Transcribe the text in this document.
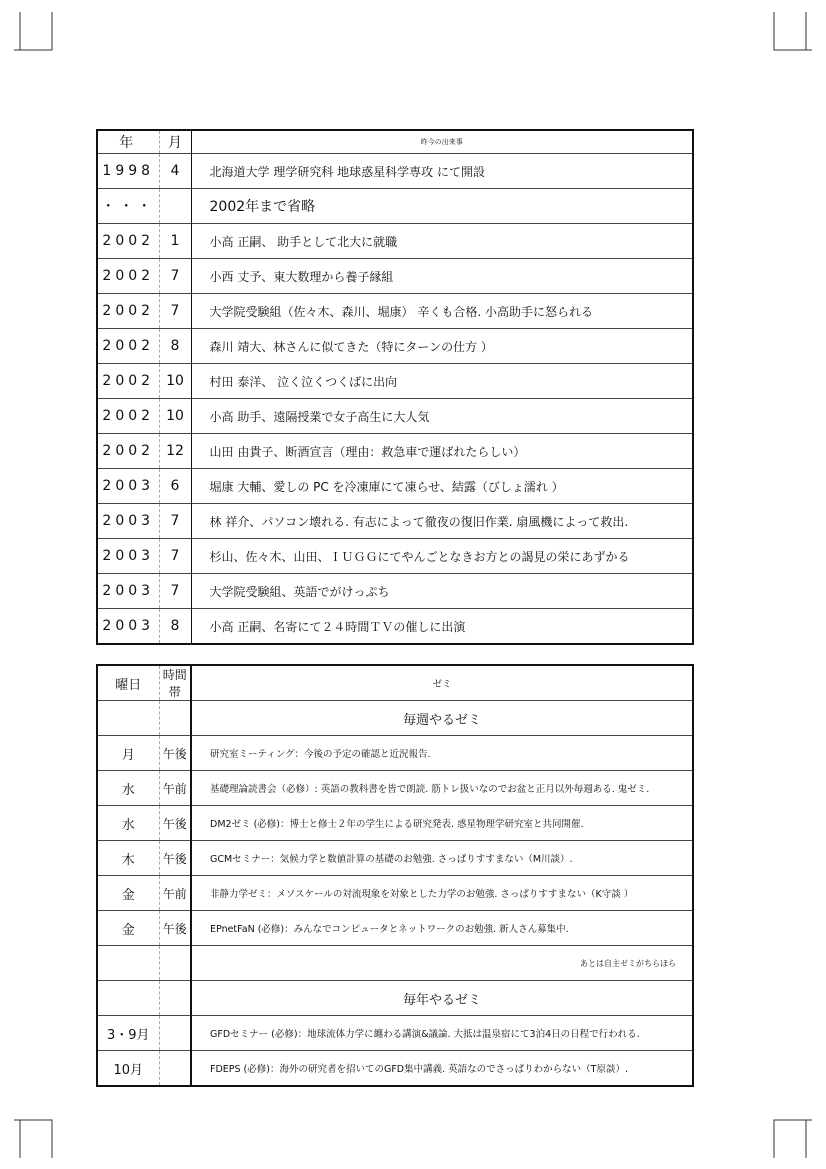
年	月	昨今の出来事
1998	4	北海道大学 理学研究科 地球惑星科学専攻 にて開設
・・・		2002年まで省略
2002	1	小高 正嗣、 助手として北大に就職
2002	7	小西 丈予、東大数理から養子縁組
2002	7	大学院受験組（佐々木、森川、堀康） 辛くも合格. 小高助手に怒られる
2002	8	森川 靖大、林さんに似てきた（特にターンの仕方 ）
2002	10	村田 泰洋、 泣く泣くつくばに出向
2002	10	小高 助手、遠隔授業で女子高生に大人気
2002	12	山田 由貴子、断酒宣言（理由：救急車で運ばれたらしい）
2003	6	堀康 大輔、愛しの PC を冷凍庫にて凍らせ、結露（びしょ濡れ ）
2003	7	林 祥介、パソコン壊れる. 有志によって徹夜の復旧作業. 扇風機によって救出.
2003	7	杉山、佐々木、山田、ＩＵＧＧにてやんごとなきお方との謁見の栄にあずかる
2003	7	大学院受験組、英語でがけっぷち
2003	8	小高 正嗣、名寄にて２４時間ＴＶの催しに出演
曜日	時間帯	ゼミ
		毎週やるゼミ
月	午後	研究室ミーティング：今後の予定の確認と近況報告.
水	午前	基礎理論読書会（必修）: 英語の教科書を皆で朗読. 筋トレ扱いなのでお盆と正月以外毎週ある. 鬼ゼミ.
水	午後	DM2ゼミ (必修)：博士と修士２年の学生による研究発表. 惑星物理学研究室と共同開催.
木	午後	GCMセミナー：気候力学と数値計算の基礎のお勉強. さっぱりすすまない（M川談）.
金	午前	非静力学ゼミ：メソスケールの対流現象を対象とした力学のお勉強. さっぱりすすまない（K守談 ）
金	午後	EPnetFaN (必修)：みんなでコンピュータとネットワークのお勉強. 新人さん募集中.
		あとは自主ゼミがちらほら
		毎年やるゼミ
3・9月		GFDセミナー (必修)：地球流体力学に纏わる講演&議論. 大抵は温泉宿にて3泊4日の日程で行われる.
10月		FDEPS (必修)：海外の研究者を招いてのGFD集中講義. 英語なのでさっぱりわからない（T原談）.
